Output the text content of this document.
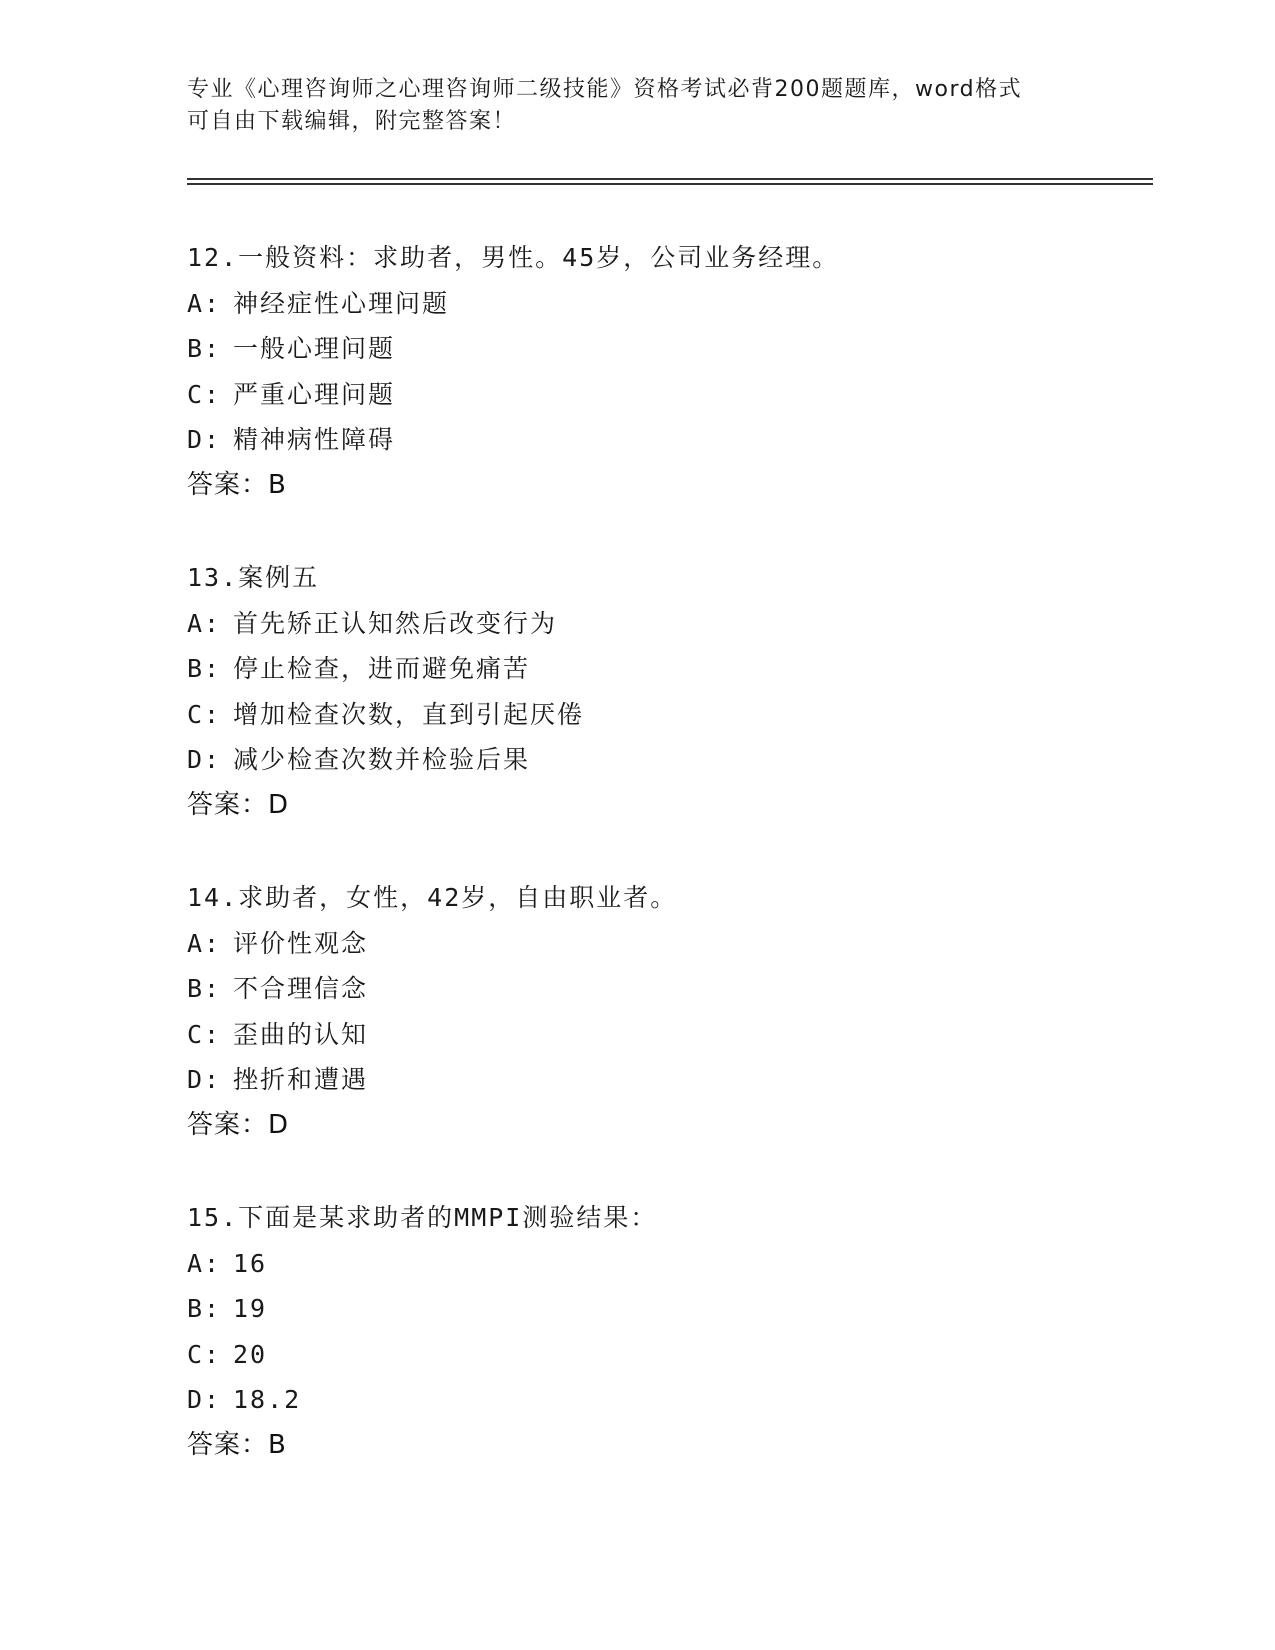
专业《心理咨询师之心理咨询师二级技能》资格考试必背200题题库，word格式
可自由下载编辑，附完整答案！
12.一般资料：求助者，男性。45岁，公司业务经理。
A: 神经症性心理问题
B: 一般心理问题
C: 严重心理问题
D: 精神病性障碍
答案：B
13.案例五
A: 首先矫正认知然后改变行为
B: 停止检查，进而避免痛苦
C: 增加检查次数，直到引起厌倦
D: 减少检查次数并检验后果
答案：D
14.求助者，女性，42岁，自由职业者。
A: 评价性观念
B: 不合理信念
C: 歪曲的认知
D: 挫折和遭遇
答案：D
15.下面是某求助者的MMPI测验结果：
A: 16
B: 19
C: 20
D: 18.2
答案：B
